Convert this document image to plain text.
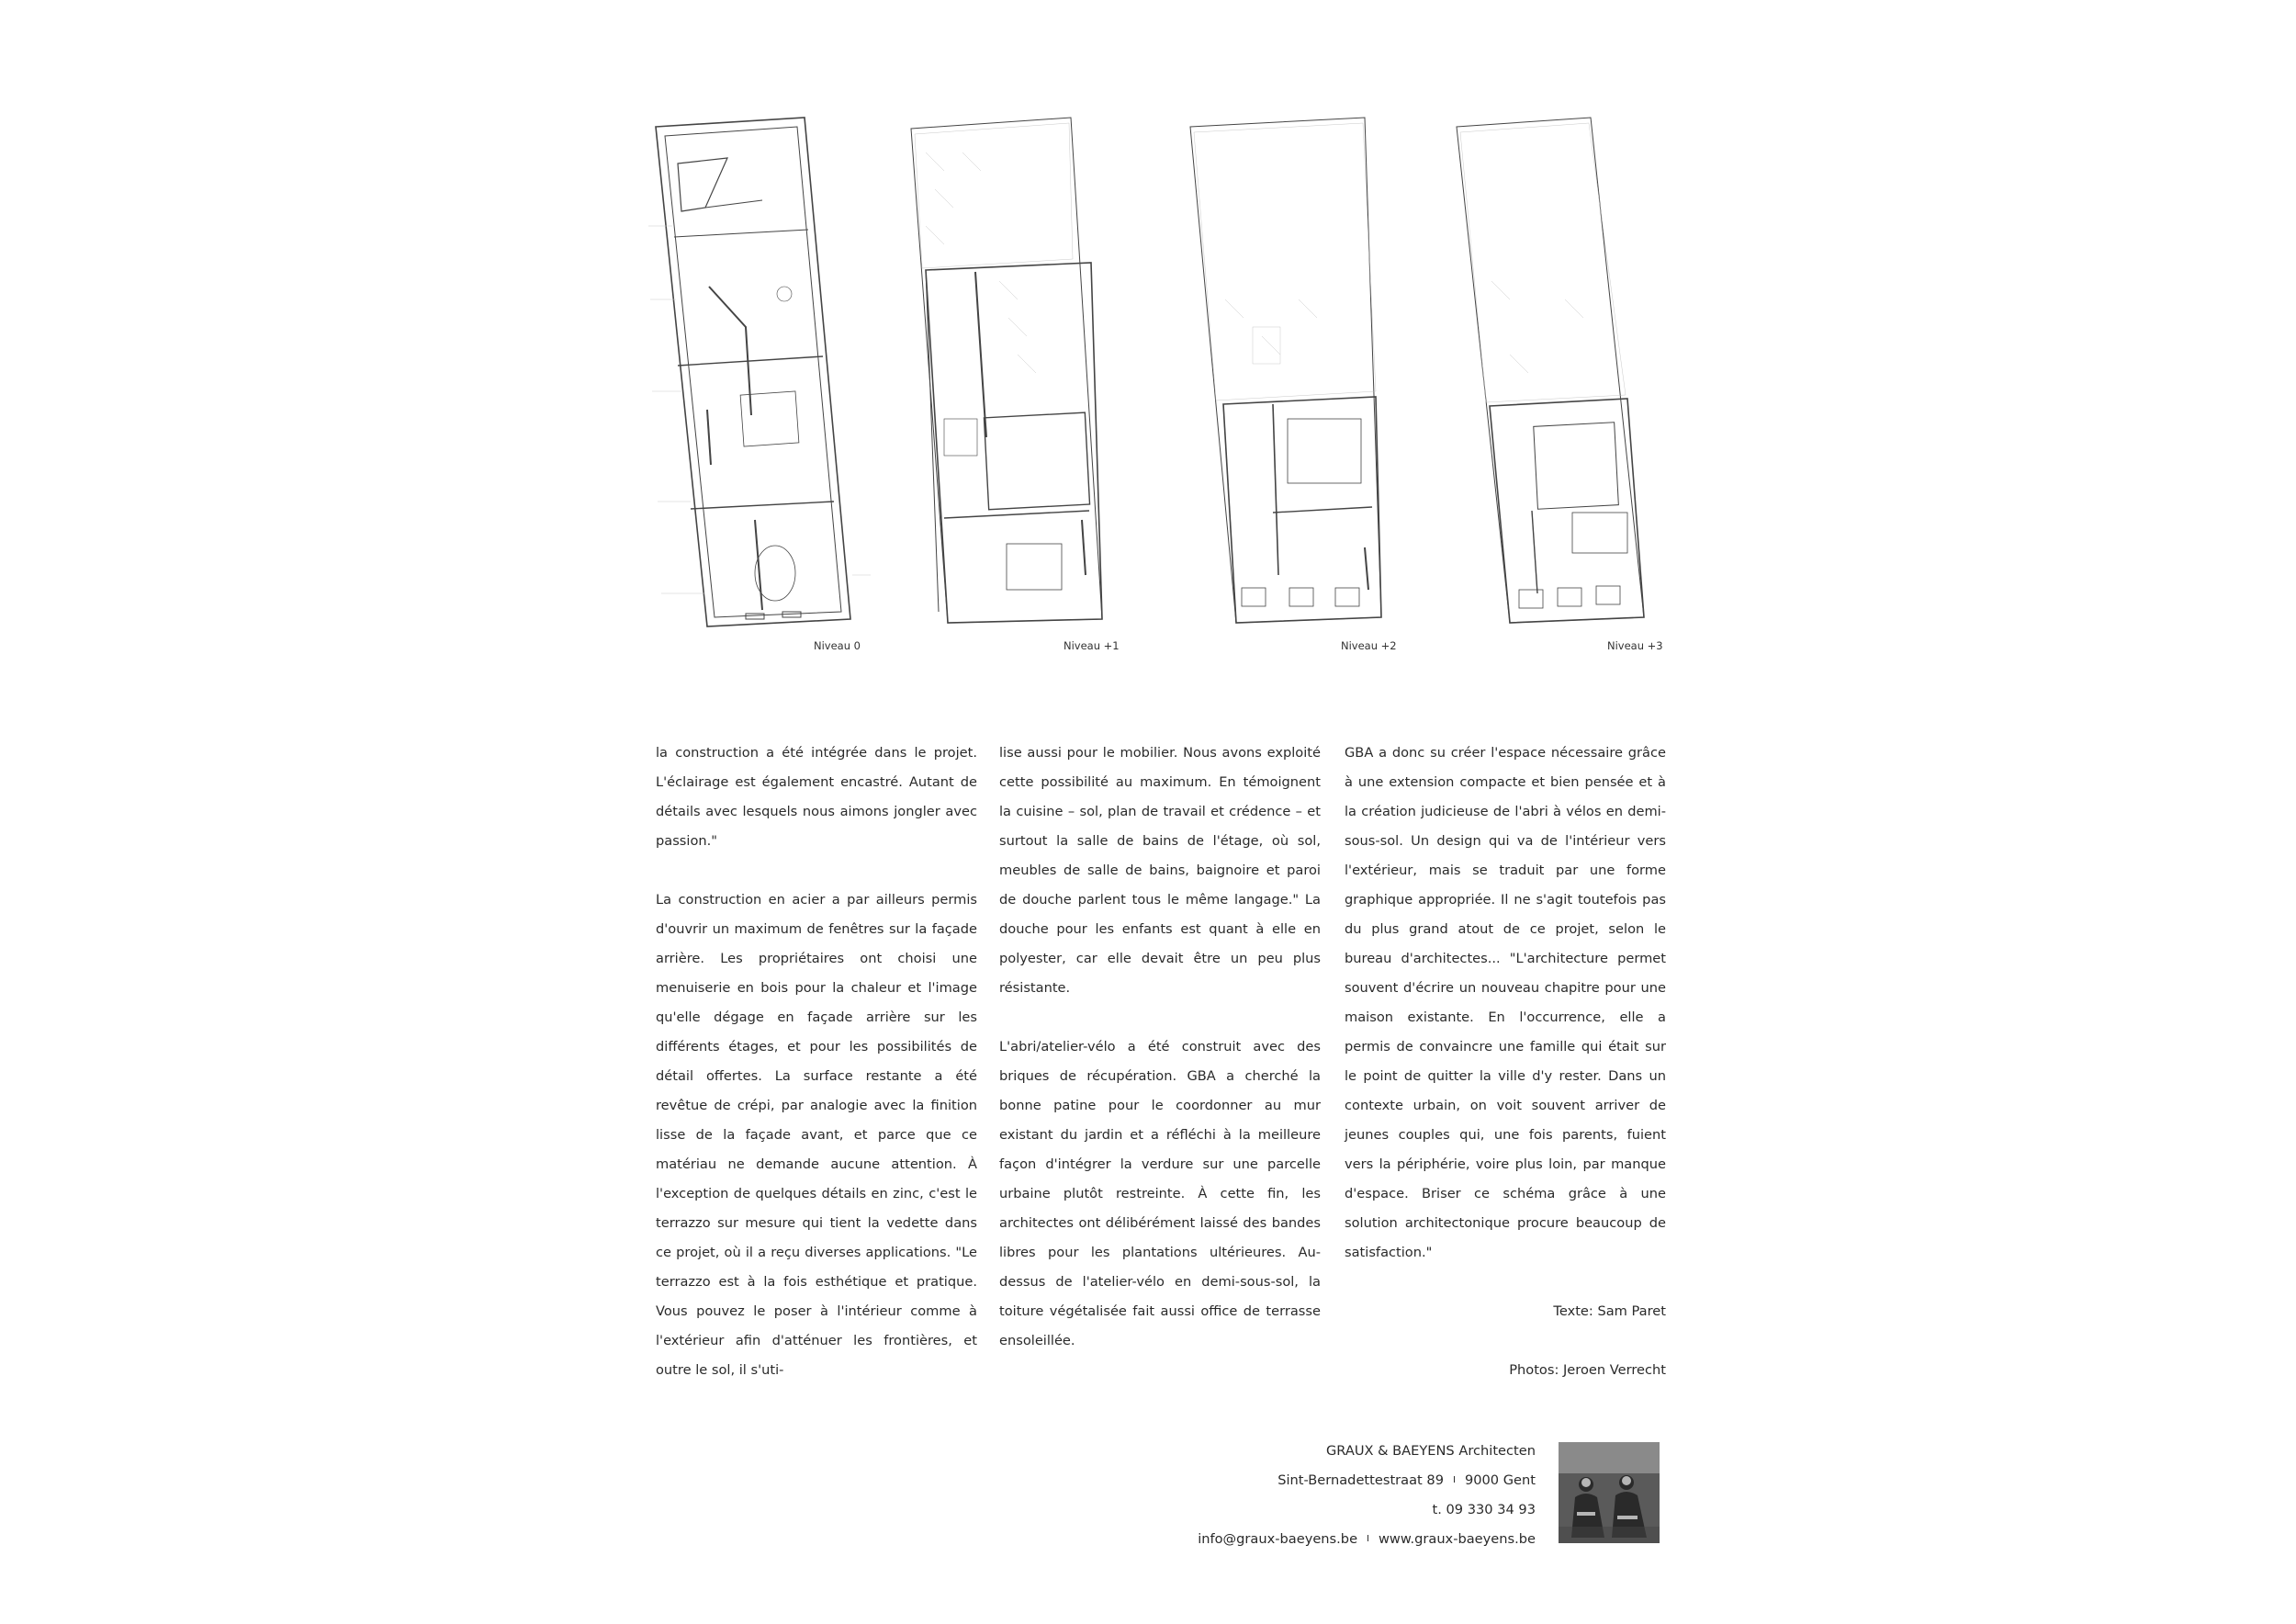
Niveau 0	Niveau +1	Niveau +2	Niveau +3

la construction a été intégrée dans le projet. L'éclairage est également encastré. Autant de détails avec lesquels nous aimons jongler avec passion."

La construction en acier a par ailleurs permis d'ouvrir un maximum de fenêtres sur la façade arrière. Les propriétaires ont choisi une menuiserie en bois pour la chaleur et l'image qu'elle dégage en façade arrière sur les différents étages, et pour les possibilités de détail offertes. La surface restante a été revêtue de crépi, par analogie avec la finition lisse de la façade avant, et parce que ce matériau ne demande aucune attention. À l'exception de quelques détails en zinc, c'est le terrazzo sur mesure qui tient la vedette dans ce projet, où il a reçu diverses applications. "Le terrazzo est à la fois esthétique et pratique. Vous pouvez le poser à l'intérieur comme à l'extérieur afin d'atténuer les frontières, et outre le sol, il s'uti-

lise aussi pour le mobilier. Nous avons exploité cette possibilité au maximum. En témoignent la cuisine – sol, plan de travail et crédence – et surtout la salle de bains de l'étage, où sol, meubles de salle de bains, baignoire et paroi de douche parlent tous le même langage." La douche pour les enfants est quant à elle en polyester, car elle devait être un peu plus résistante.

L'abri/atelier-vélo a été construit avec des briques de récupération. GBA a cherché la bonne patine pour le coordonner au mur existant du jardin et a réfléchi à la meilleure façon d'intégrer la verdure sur une parcelle urbaine plutôt restreinte. À cette fin, les architectes ont délibérément laissé des bandes libres pour les plantations ultérieures. Au-dessus de l'atelier-vélo en demi-sous-sol, la toiture végétalisée fait aussi office de terrasse ensoleillée.

GBA a donc su créer l'espace nécessaire grâce à une extension compacte et bien pensée et à la création judicieuse de l'abri à vélos en demi-sous-sol. Un design qui va de l'intérieur vers l'extérieur, mais se traduit par une forme graphique appropriée. Il ne s'agit toutefois pas du plus grand atout de ce projet, selon le bureau d'architectes... "L'architecture permet souvent d'écrire un nouveau chapitre pour une maison existante. En l'occurrence, elle a permis de convaincre une famille qui était sur le point de quitter la ville d'y rester. Dans un contexte urbain, on voit souvent arriver de jeunes couples qui, une fois parents, fuient vers la périphérie, voire plus loin, par manque d'espace. Briser ce schéma grâce à une solution architectonique procure beaucoup de satisfaction."

Texte: Sam Paret

Photos: Jeroen Verrecht

GRAUX & BAEYENS Architecten
Sint-Bernadettestraat 89 I 9000 Gent
t. 09 330 34 93
info@graux-baeyens.be I www.graux-baeyens.be
